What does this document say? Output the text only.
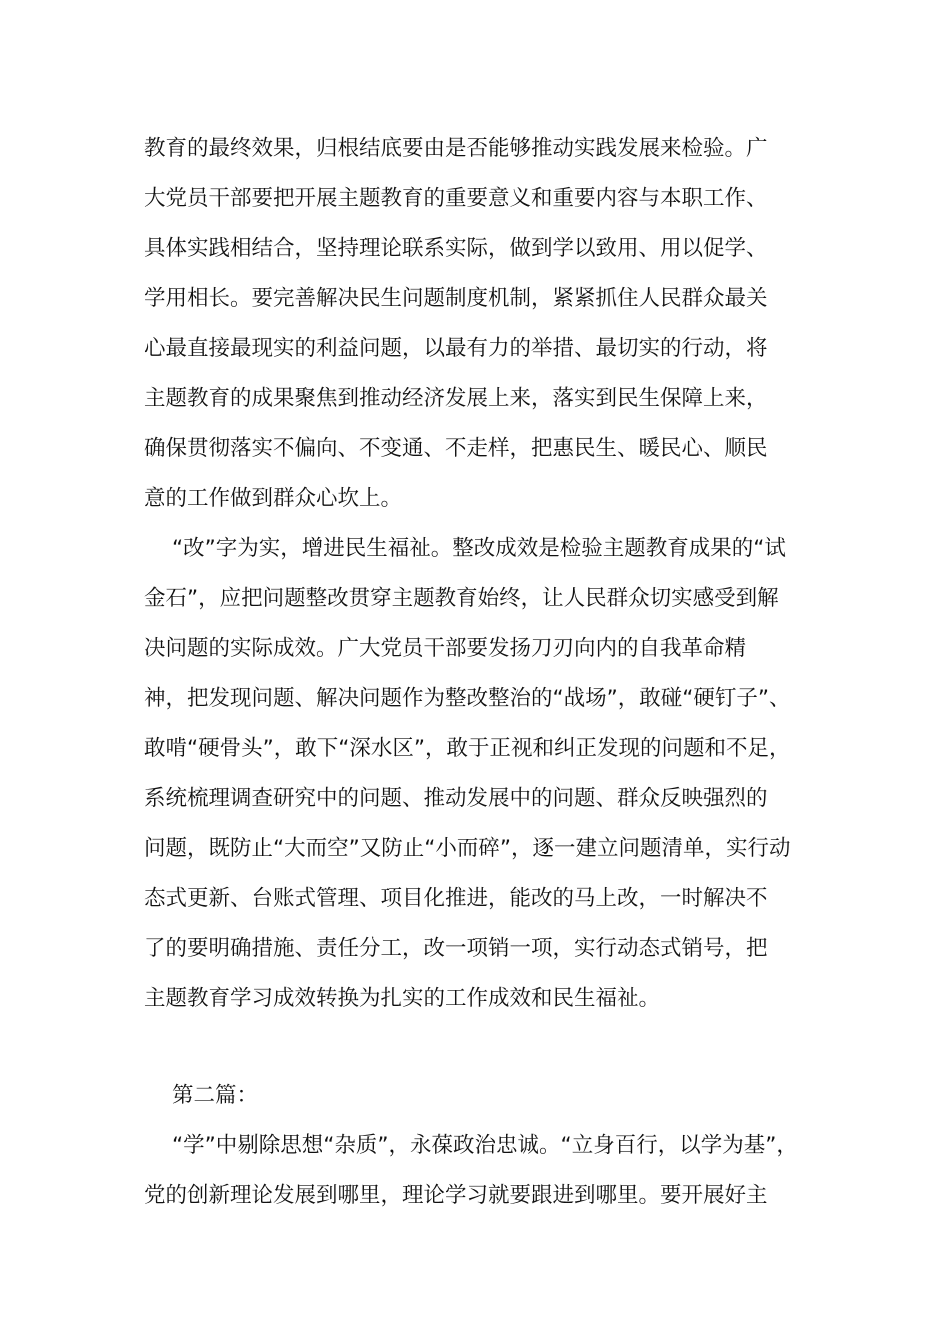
教育的最终效果，归根结底要由是否能够推动实践发展来检验。广
大党员干部要把开展主题教育的重要意义和重要内容与本职工作、
具体实践相结合，坚持理论联系实际，做到学以致用、用以促学、
学用相长。要完善解决民生问题制度机制，紧紧抓住人民群众最关
心最直接最现实的利益问题，以最有力的举措、最切实的行动，将
主题教育的成果聚焦到推动经济发展上来，落实到民生保障上来，
确保贯彻落实不偏向、不变通、不走样，把惠民生、暖民心、顺民
意的工作做到群众心坎上。
“改”字为实，增进民生福祉。整改成效是检验主题教育成果的“试
金石”，应把问题整改贯穿主题教育始终，让人民群众切实感受到解
决问题的实际成效。广大党员干部要发扬刀刃向内的自我革命精
神，把发现问题、解决问题作为整改整治的“战场”，敢碰“硬钉子”、
敢啃“硬骨头”，敢下“深水区”，敢于正视和纠正发现的问题和不足，
系统梳理调查研究中的问题、推动发展中的问题、群众反映强烈的
问题，既防止“大而空”又防止“小而碎”，逐一建立问题清单，实行动
态式更新、台账式管理、项目化推进，能改的马上改，一时解决不
了的要明确措施、责任分工，改一项销一项，实行动态式销号，把
主题教育学习成效转换为扎实的工作成效和民生福祉。
第二篇：
“学”中剔除思想“杂质”，永葆政治忠诚。“立身百行，以学为基”，
党的创新理论发展到哪里，理论学习就要跟进到哪里。要开展好主
